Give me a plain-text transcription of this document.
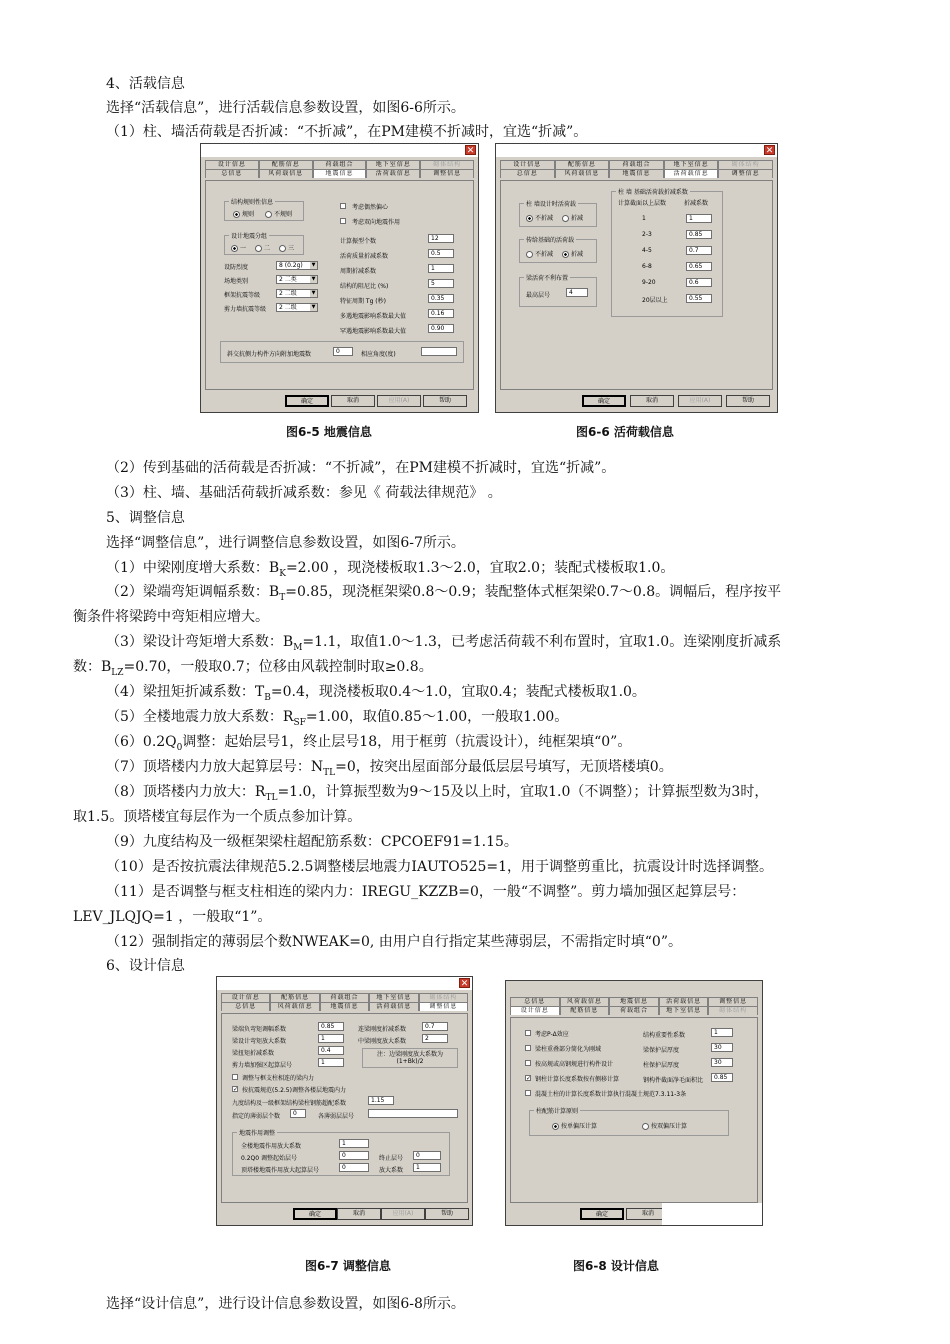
4、活载信息
选择“活载信息”，进行活载信息参数设置，如图6-6所示。
（1）柱、墙活荷载是否折减：“不折减”，在PM建模不折减时，宜选“折减”。
（2）传到基础的活荷载是否折减：“不折减”，在PM建模不折减时，宜选“折减”。
（3）柱、墙、基础活荷载折减系数：参见《 荷载法律规范》 。
5、调整信息
选择“调整信息”，进行调整信息参数设置，如图6-7所示。
（1）中梁刚度增大系数：$B_K=2.00$ ，现浇楼板取1.3～2.0，宜取2.0；装配式楼板取1.0。
（2）梁端弯矩调幅系数：$B_T=0.85$，现浇框架梁0.8～0.9；装配整体式框架梁0.7～0.8。调幅后，程序按平
衡条件将梁跨中弯矩相应增大。
（3）梁设计弯矩增大系数：$B_M=1.1$，取值1.0～1.3，已考虑活荷载不利布置时，宜取1.0。连梁刚度折减系
数：$B_{LZ}=0.70$，一般取0.7；位移由风载控制时取≥0.8。
（4）梁扭矩折减系数：$T_B=0.4$，现浇楼板取0.4～1.0，宜取0.4；装配式楼板取1.0。
（5）全楼地震力放大系数：$R_{SF}=1.00$，取值0.85～1.00，一般取1.00。
$(6)0.2Q_0$调整：起始层号1，终止层号18，用于框剪（抗震设计），纯框架填“0”。
（7）顶塔楼内力放大起算层号：$N_{TL}=0$，按突出屋面部分最低层层号填写，无顶塔楼填0。
（8）顶塔楼内力放大：$R_{TL}=1.0$，计算振型数为9～15及以上时，宜取1.0（不调整）；计算振型数为3时，
取1.5。顶塔楼宜每层作为一个质点参加计算。
（9）九度结构及一级框架梁柱超配筋系数：CPCOEF91=1.15。
（10）是否按抗震法律规范5.2.5调整楼层地震力IAUTO525=1，用于调整剪重比，抗震设计时选择调整。
（11）是否调整与框支柱相连的梁内力：IREGU_KZZB=0，一般“不调整”。剪力墙加强区起算层号：
LEV_JLQJQ=1 ，一般取“1”。
（12）强制指定的薄弱层个数NWEAK=0, 由用户自行指定某些薄弱层，不需指定时填“0”。
6、设计信息
选择“设计信息”，进行设计信息参数设置，如图6-8所示。
图6-5 地震信息	图6-6 活荷载信息
图6-7 调整信息	图6-8 设计信息
✕
设计信息	配筋信息	荷载组合	地下室信息	砌体结构
总信息	风荷载信息	地震信息	活荷载信息	调整信息
结构规则性信息
规则	不规则
设计地震分组
一	二	三
设防烈度	8 (0.2g) ▼
场地类别	2 二类 ▼
框架抗震等级	2 二级 ▼
剪力墙抗震等级	2 二级 ▼
考虑偶然偏心
考虑双向地震作用
计算振型个数	12
活荷质量折减系数	0.5
周期折减系数	1
结构的阻尼比 (%)	5
特征周期 Tg (秒)	0.35
多遇地震影响系数最大值	0.16
罕遇地震影响系数最大值	0.90
斜交抗侧力构件方向附加地震数	0	相应角度(度)
确定	取消	应用(A)	帮助
✕
设计信息	配筋信息	荷载组合	地下室信息	砌体结构
总信息	风荷载信息	地震信息	活荷载信息	调整信息
柱 墙设计时活荷载
不折减	折减
传给基础的活荷载
不折减	折减
梁活荷不利布置
最高层号	4
柱 墙 基础活荷载折减系数
计算截面以上层数	折减系数
1	1
2-3	0.85
4-5	0.7
6-8	0.65
9-20	0.6
20层以上	0.55
确定	取消	应用(A)	帮助
✕
设计信息	配筋信息	荷载组合	地下室信息	砌体结构
总信息	风荷载信息	地震信息	活荷载信息	调整信息
梁端负弯矩调幅系数	0.85
梁设计弯矩放大系数	1
梁扭矩折减系数	0.4
剪力墙加强区起算层号	1
连梁刚度折减系数	0.7
中梁刚度放大系数	2
注：边梁刚度放大系数为
(1+Bk)/2
调整与框支柱相连的梁内力
✓ 按抗震规范(5.2.5)调整各楼层地震内力
九度结构及一级框架结构梁柱钢筋超配系数	1.15
指定的薄弱层个数	0	各薄弱层层号
地震作用调整
全楼地震作用放大系数	1
0.2Q0 调整起始层号	0	终止层号	0
顶塔楼地震作用放大起算层号	0	放大系数	1
确定	取消	应用(A)	帮助
总信息	风荷载信息	地震信息	活荷载信息	调整信息
设计信息	配筋信息	荷载组合	地下室信息	砌体结构
考虑P-Δ效应
梁柱重叠部分简化为刚域
按高规或高钢规进行构件设计
✓ 钢柱计算长度系数按有侧移计算
混凝土柱的计算长度系数计算执行混凝土规范7.3.11-3条
结构重要性系数	1
梁保护层厚度	30
柱保护层厚度	30
钢构件截面净毛面积比	0.85
柱配筋计算原则
按单偏压计算	按双偏压计算
确定	取消
